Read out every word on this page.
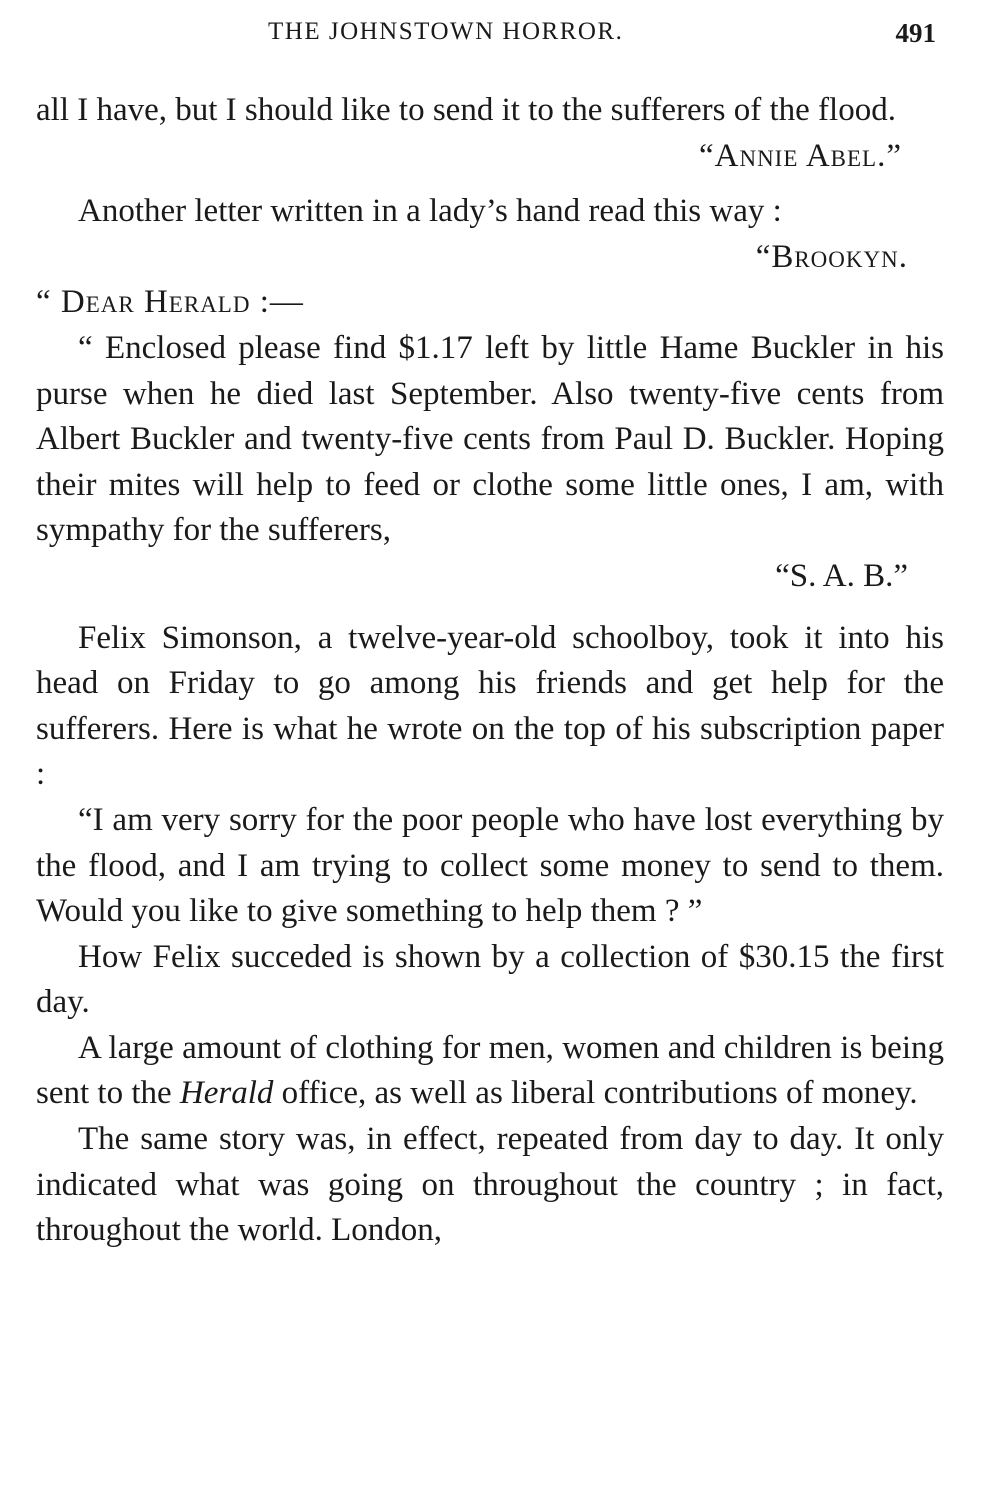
THE JOHNSTOWN HORROR.	491

all I have, but I should like to send it to the sufferers of the flood.

“Annie Abel.”

Another letter written in a lady’s hand read this way :

“Brookyn.

“ Dear Herald :—

“ Enclosed please find $1.17 left by little Hame Buckler in his purse when he died last September. Also twenty-five cents from Albert Buckler and twenty-five cents from Paul D. Buckler. Hoping their mites will help to feed or clothe some little ones, I am, with sympathy for the sufferers,

“S. A. B.”

Felix Simonson, a twelve-year-old schoolboy, took it into his head on Friday to go among his friends and get help for the sufferers. Here is what he wrote on the top of his subscription paper :

“I am very sorry for the poor people who have lost everything by the flood, and I am trying to collect some money to send to them. Would you like to give something to help them ? ”

How Felix succeded is shown by a collection of $30.15 the first day.

A large amount of clothing for men, women and children is being sent to the Herald office, as well as liberal contributions of money.

The same story was, in effect, repeated from day to day. It only indicated what was going on throughout the country ; in fact, throughout the world. London,
